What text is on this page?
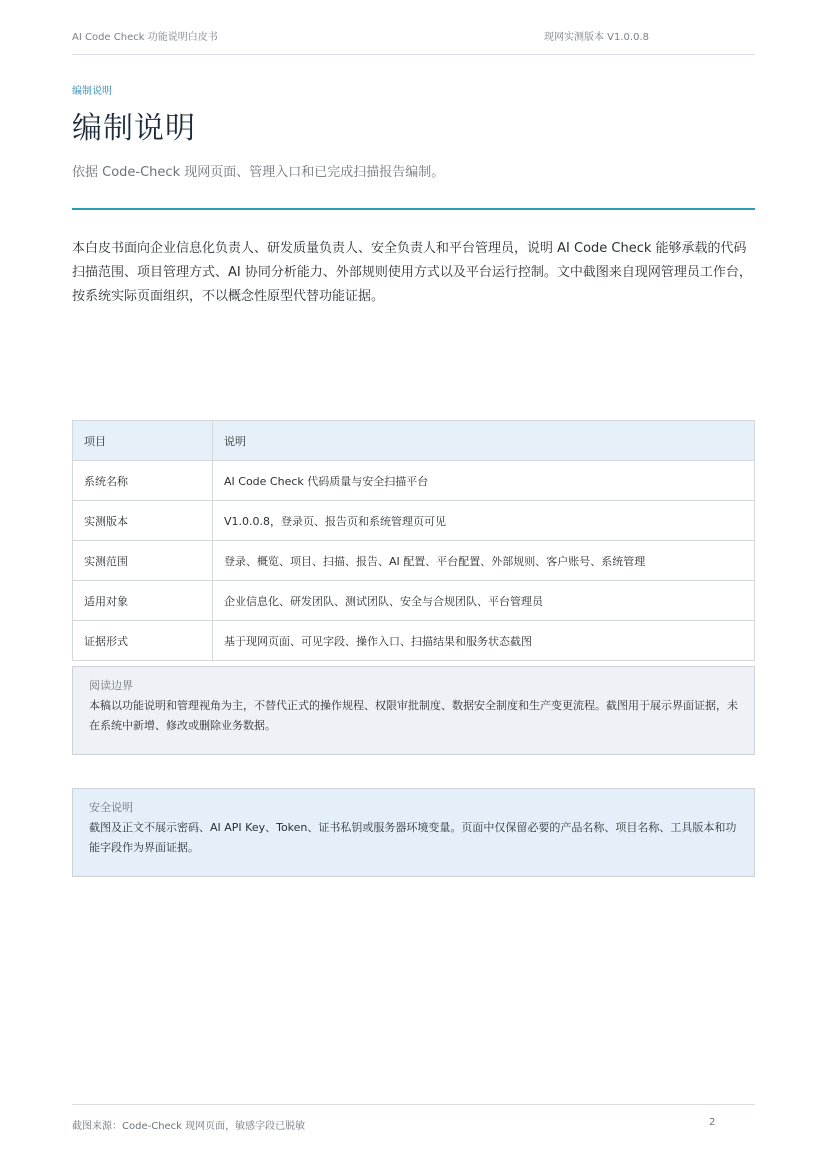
AI Code Check 功能说明白皮书	现网实测版本 V1.0.0.8
编制说明
编制说明
依据 Code-Check 现网页面、管理入口和已完成扫描报告编制。

本白皮书面向企业信息化负责人、研发质量负责人、安全负责人和平台管理员，说明 AI Code Check 能够承载的代码扫描范围、项目管理方式、AI 协同分析能力、外部规则使用方式以及平台运行控制。文中截图来自现网管理员工作台，按系统实际页面组织，不以概念性原型代替功能证据。

项目	说明
系统名称	AI Code Check 代码质量与安全扫描平台
实测版本	V1.0.0.8，登录页、报告页和系统管理页可见
实测范围	登录、概览、项目、扫描、报告、AI 配置、平台配置、外部规则、客户账号、系统管理
适用对象	企业信息化、研发团队、测试团队、安全与合规团队、平台管理员
证据形式	基于现网页面、可见字段、操作入口、扫描结果和服务状态截图
阅读边界
本稿以功能说明和管理视角为主，不替代正式的操作规程、权限审批制度、数据安全制度和生产变更流程。截图用于展示界面证据，未在系统中新增、修改或删除业务数据。
安全说明
截图及正文不展示密码、AI API Key、Token、证书私钥或服务器环境变量。页面中仅保留必要的产品名称、项目名称、工具版本和功能字段作为界面证据。
截图来源：Code-Check 现网页面，敏感字段已脱敏	2
